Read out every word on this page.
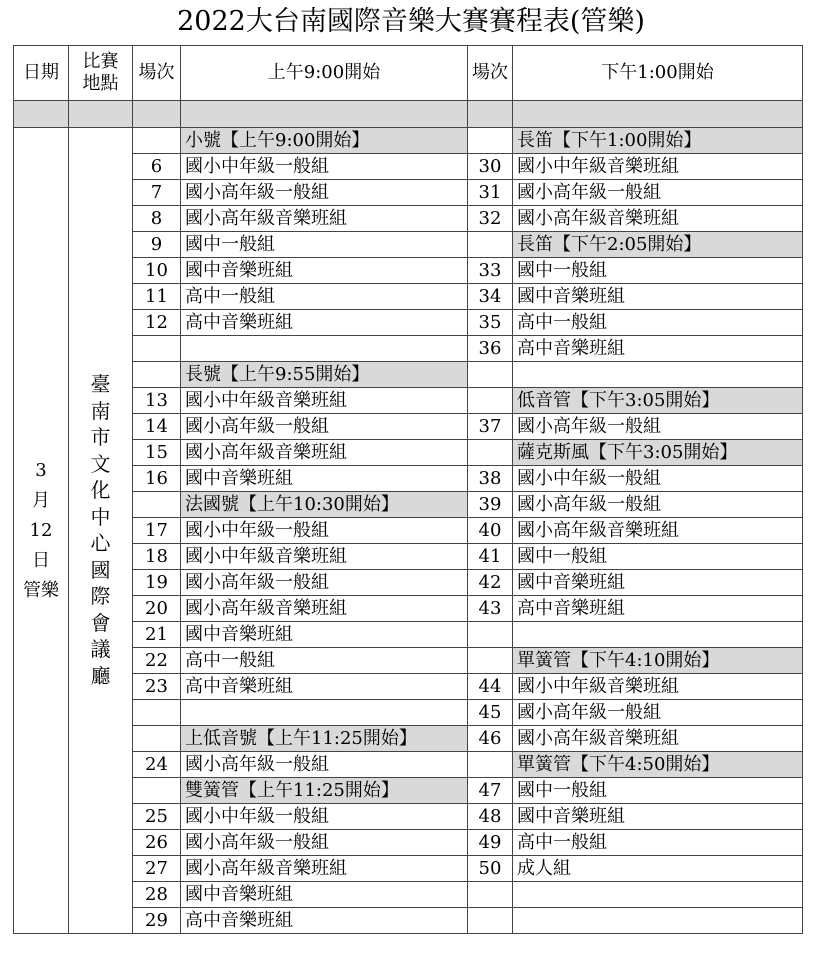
2022大台南國際音樂大賽賽程表(管樂)
日期	比賽地點	場次	上午9:00開始	場次	下午1:00開始

3
月
12
日
管樂	臺南市文化中心國際會議廳		小號【上午9:00開始】		長笛【下午1:00開始】
		6	國小中年級一般組	30	國小中年級音樂班組
		7	國小高年級一般組	31	國小高年級一般組
		8	國小高年級音樂班組	32	國小高年級音樂班組
		9	國中一般組		長笛【下午2:05開始】
		10	國中音樂班組	33	國中一般組
		11	高中一般組	34	國中音樂班組
		12	高中音樂班組	35	高中一般組
				36	高中音樂班組
			長號【上午9:55開始】		
		13	國小中年級音樂班組		低音管【下午3:05開始】
		14	國小高年級一般組	37	國小高年級一般組
		15	國小高年級音樂班組		薩克斯風【下午3:05開始】
		16	國中音樂班組	38	國小中年級一般組
			法國號【上午10:30開始】	39	國小高年級一般組
		17	國小中年級一般組	40	國小高年級音樂班組
		18	國小中年級音樂班組	41	國中一般組
		19	國小高年級一般組	42	國中音樂班組
		20	國小高年級音樂班組	43	高中音樂班組
		21	國中音樂班組		
		22	高中一般組		單簧管【下午4:10開始】
		23	高中音樂班組	44	國小中年級音樂班組
				45	國小高年級一般組
			上低音號【上午11:25開始】	46	國小高年級音樂班組
		24	國小高年級一般組		單簧管【下午4:50開始】
			雙簧管【上午11:25開始】	47	國中一般組
		25	國小中年級一般組	48	國中音樂班組
		26	國小高年級一般組	49	高中一般組
		27	國小高年級音樂班組	50	成人組
		28	國中音樂班組		
		29	高中音樂班組		
